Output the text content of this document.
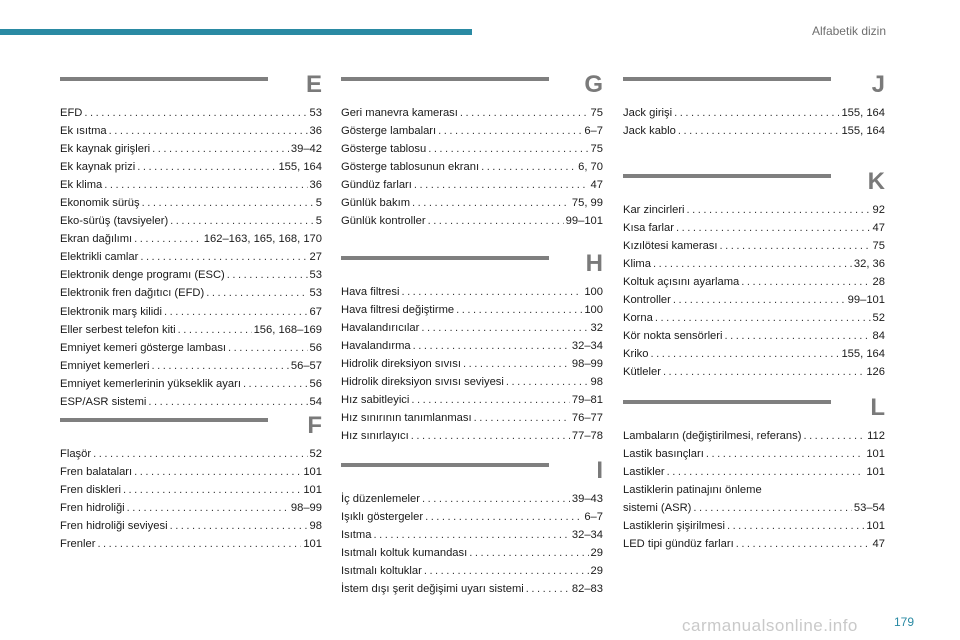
Alfabetik dizin
E
EFD . . .	53
Ek ısıtma . . .	36
Ek kaynak girişleri . . .	39–42
Ek kaynak prizi . . .	155, 164
Ek klima . . .	36
Ekonomik sürüş . . .	5
Eko-sürüş (tavsiyeler) . . .	5
Ekran dağılımı . . .	162–163, 165, 168, 170
Elektrikli camlar . . .	27
Elektronik denge programı (ESC) . . .	53
Elektronik fren dağıtıcı (EFD) . . .	53
Elektronik marş kilidi . . .	67
Eller serbest telefon kiti . . .	156, 168–169
Emniyet kemeri gösterge lambası . . .	56
Emniyet kemerleri . . .	56–57
Emniyet kemerlerinin yükseklik ayarı . . .	56
ESP/ASR sistemi . . .	54
F
Flaşör . . .	52
Fren balataları . . .	101
Fren diskleri . . .	101
Fren hidroliği . . .	98–99
Fren hidroliği seviyesi . . .	98
Frenler . . .	101
G
Geri manevra kamerası . . .	75
Gösterge lambaları . . .	6–7
Gösterge tablosu . . .	75
Gösterge tablosunun ekranı . . .	6, 70
Gündüz farları . . .	47
Günlük bakım . . .	75, 99
Günlük kontroller . . .	99–101
H
Hava filtresi . . .	100
Hava filtresi değiştirme . . .	100
Havalandırıcılar . . .	32
Havalandırma . . .	32–34
Hidrolik direksiyon sıvısı . . .	98–99
Hidrolik direksiyon sıvısı seviyesi . . .	98
Hız sabitleyici . . .	79–81
Hız sınırının tanımlanması . . .	76–77
Hız sınırlayıcı . . .	77–78
I
İç düzenlemeler . . .	39–43
Işıklı göstergeler . . .	6–7
Isıtma . . .	32–34
Isıtmalı koltuk kumandası . . .	29
Isıtmalı koltuklar . . .	29
İstem dışı şerit değişimi uyarı sistemi . . .	82–83
J
Jack girişi . . .	155, 164
Jack kablo . . .	155, 164
K
Kar zincirleri . . .	92
Kısa farlar . . .	47
Kızılötesi kamerası . . .	75
Klima . . .	32, 36
Koltuk açısını ayarlama . . .	28
Kontroller . . .	99–101
Korna . . .	52
Kör nokta sensörleri . . .	84
Kriko . . .	155, 164
Kütleler . . .	126
L
Lambaların (değiştirilmesi, referans) . . .	112
Lastik basınçları . . .	101
Lastikler . . .	101
Lastiklerin patinajını önleme
sistemi (ASR) . . .	53–54
Lastiklerin şişirilmesi . . .	101
LED tipi gündüz farları . . .	47
carmanualsonline.info	179
